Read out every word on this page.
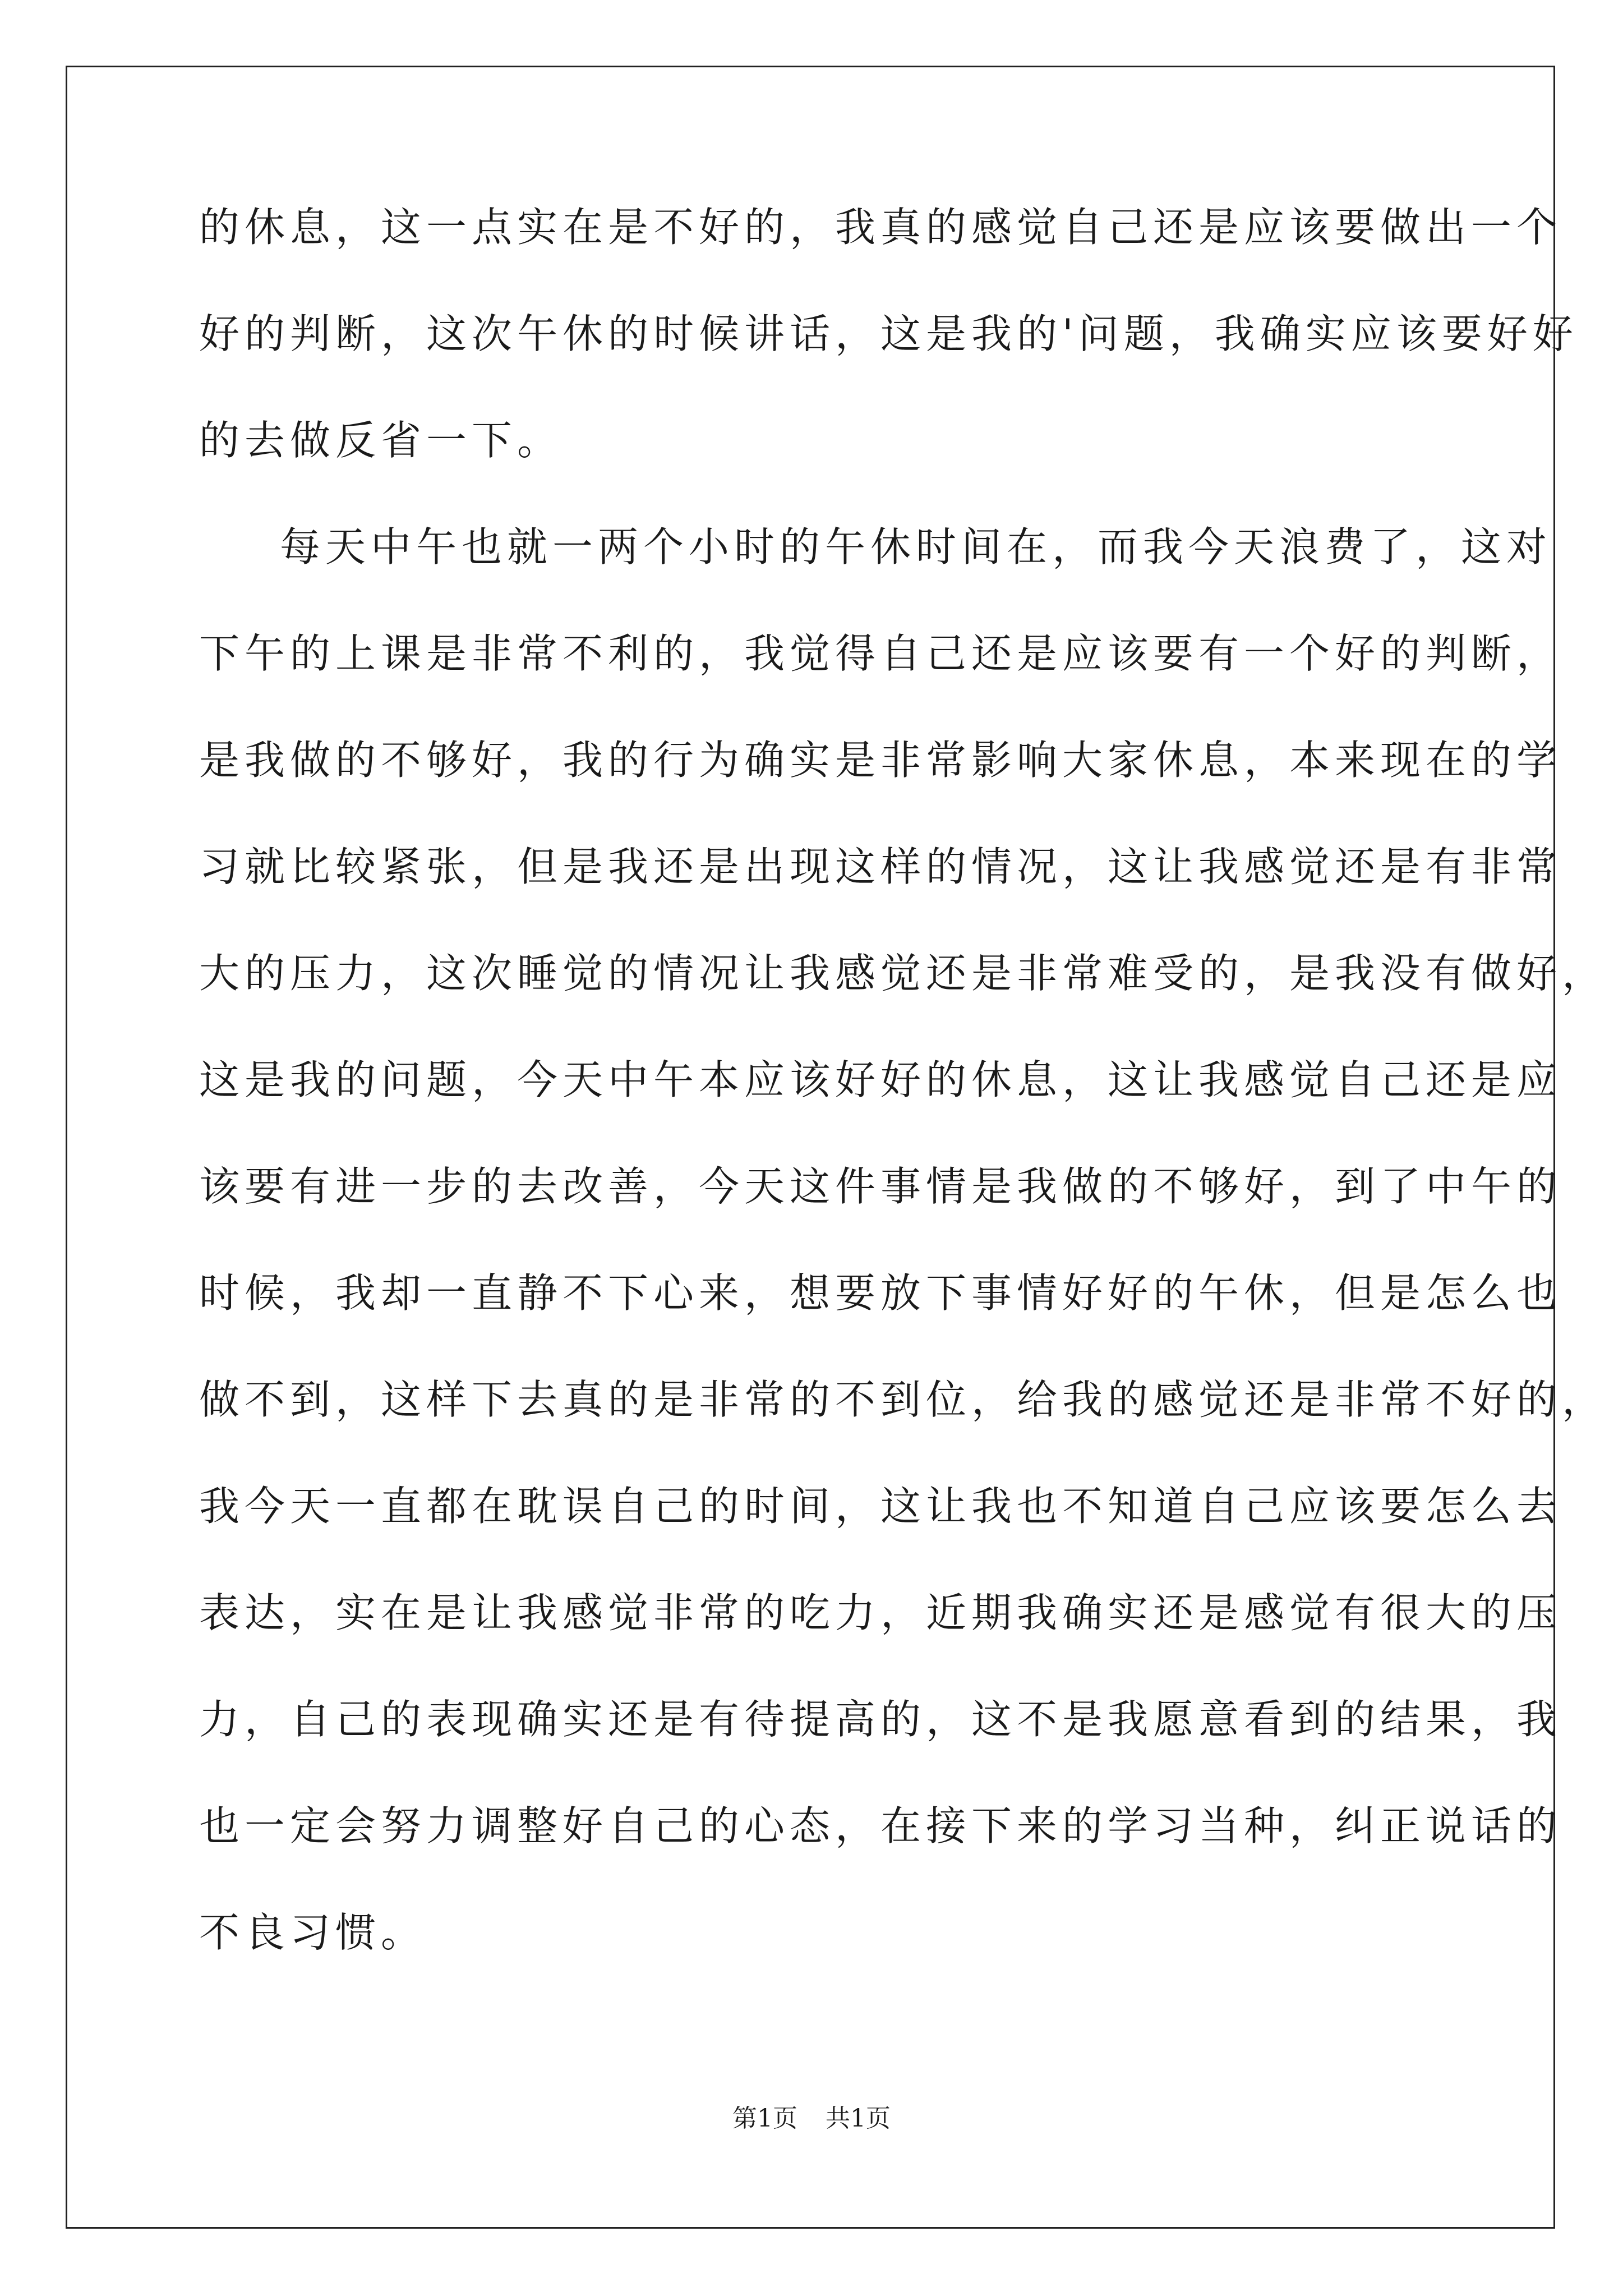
的休息，这一点实在是不好的，我真的感觉自己还是应该要做出一个
好的判断，这次午休的时候讲话，这是我的'问题，我确实应该要好好
的去做反省一下。
每天中午也就一两个小时的午休时间在，而我今天浪费了，这对
下午的上课是非常不利的，我觉得自己还是应该要有一个好的判断，
是我做的不够好，我的行为确实是非常影响大家休息，本来现在的学
习就比较紧张，但是我还是出现这样的情况，这让我感觉还是有非常
大的压力，这次睡觉的情况让我感觉还是非常难受的，是我没有做好，
这是我的问题，今天中午本应该好好的休息，这让我感觉自己还是应
该要有进一步的去改善，今天这件事情是我做的不够好，到了中午的
时候，我却一直静不下心来，想要放下事情好好的午休，但是怎么也
做不到，这样下去真的是非常的不到位，给我的感觉还是非常不好的，
我今天一直都在耽误自己的时间，这让我也不知道自己应该要怎么去
表达，实在是让我感觉非常的吃力，近期我确实还是感觉有很大的压
力，自己的表现确实还是有待提高的，这不是我愿意看到的结果，我
也一定会努力调整好自己的心态，在接下来的学习当种，纠正说话的
不良习惯。
第1页 共1页
